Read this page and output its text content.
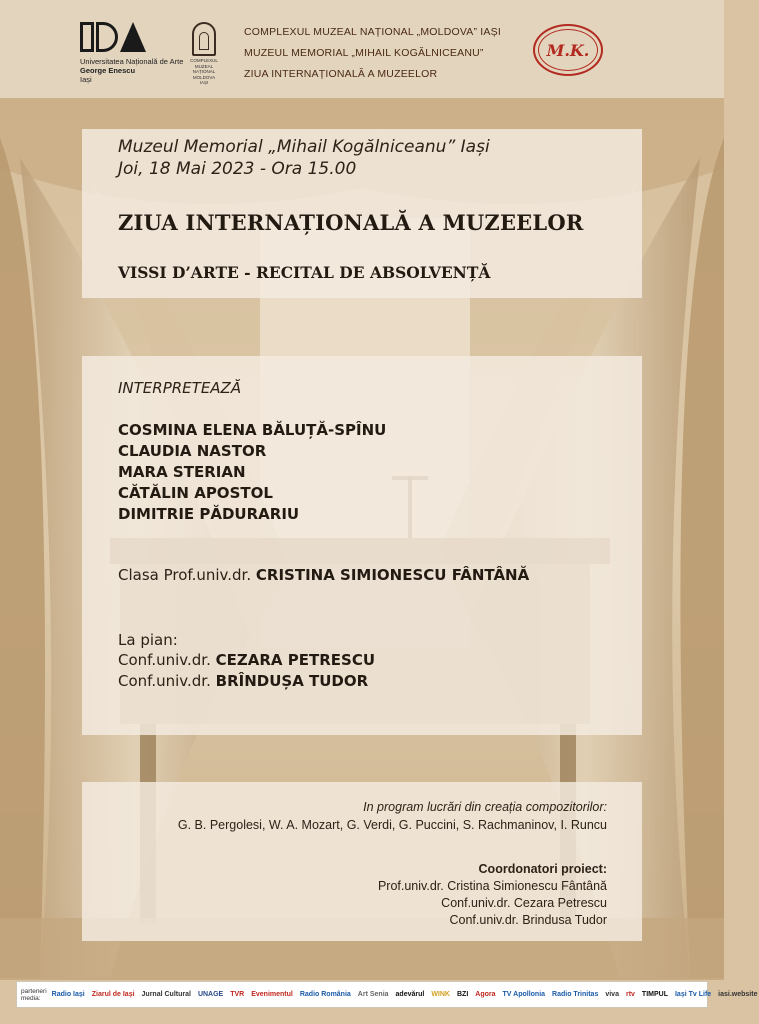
Universitatea Națională de Arte
George Enescu
Iași
COMPLEXUL
MUZEAL
NAȚIONAL
MOLDOVA
IAȘI
COMPLEXUL MUZEAL NAȚIONAL „MOLDOVA” IAȘI
MUZEUL MEMORIAL „MIHAIL KOGĂLNICEANU”
ZIUA INTERNAȚIONALĂ A MUZEELOR
M.K.
Muzeul Memorial „Mihail Kogălniceanu” Iași
Joi, 18 Mai 2023 - Ora 15.00
ZIUA INTERNAȚIONALĂ A MUZEELOR
VISSI D’ARTE - RECITAL DE ABSOLVENȚĂ
INTERPRETEAZĂ
COSMINA ELENA BĂLUȚĂ-SPÎNU
CLAUDIA NASTOR
MARA STERIAN
CĂTĂLIN APOSTOL
DIMITRIE PĂDURARIU
Clasa Prof.univ.dr. CRISTINA SIMIONESCU FÂNTÂNĂ
La pian:
Conf.univ.dr. CEZARA PETRESCU
Conf.univ.dr. BRÎNDUȘA TUDOR
In program lucrări din creația compozitorilor:
G. B. Pergolesi, W. A. Mozart, G. Verdi, G. Puccini, S. Rachmaninov, I. Runcu
Coordonatori proiect:
Prof.univ.dr. Cristina Simionescu Fântână
Conf.univ.dr. Cezara Petrescu
Conf.univ.dr. Brindusa Tudor
parteneri
media:	Radio Iași Ziarul de Iași Jurnal Cultural UNAGE TVR Evenimentul Radio România Art Senia adevărul WINK BZI Agora TV Apollonia Radio Trinitas viva rtv TIMPUL Iași Tv Life iasi.website
